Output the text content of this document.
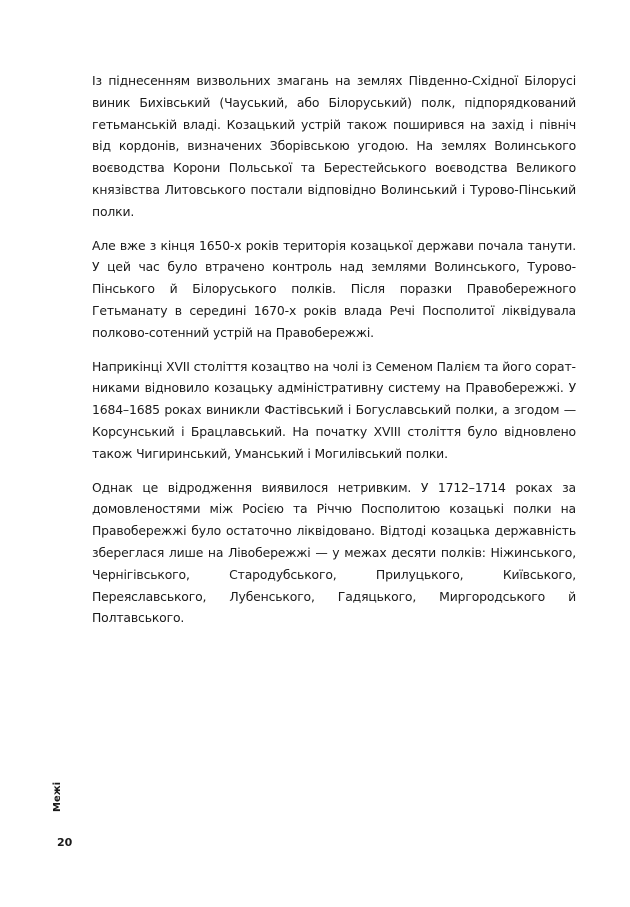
Із піднесенням визвольних змагань на землях Південно-Східної Білорусі виник Бихівський (Чауський, або Білоруський) полк, підпорядкований гетьманській владі. Козацький устрій також поширився на захід і північ від кордонів, визначених Зборівською угодою. На землях Волинського воєводства Корони Польської та Берестейського воєводства Великого князівства Литовського постали відповідно Волинський і Турово-Пінський полки.

Але вже з кінця 1650-х років територія козацької держави почала танути. У цей час було втрачено контроль над землями Волинського, Турово-Пінського й Білоруського полків. Після поразки Правобережного Гетьманату в середині 1670-х років влада Речі Посполитої ліквідувала полково-сотенний устрій на Правобережжі.

Наприкінці XVII століття козацтво на чолі із Семеном Палієм та його соратниками відновило козацьку адміністративну систему на Правобережжі. У 1684–1685 роках виникли Фастівський і Богуславський полки, а згодом — Корсунський і Брацлавський. На початку XVIII століття було відновлено також Чигиринський, Уманський і Могилівський полки.

Однак це відродження виявилося нетривким. У 1712–1714 роках за домовленостями між Росією та Річчю Посполитою козацькі полки на Правобережжі було остаточно ліквідовано. Відтоді козацька державність збереглася лише на Лівобережжі — у межах десяти полків: Ніжинського, Чернігівського, Стародубського, Прилуцького, Київського, Переяславського, Лубенського, Гадяцького, Миргородського й Полтавського.

Межі
20
